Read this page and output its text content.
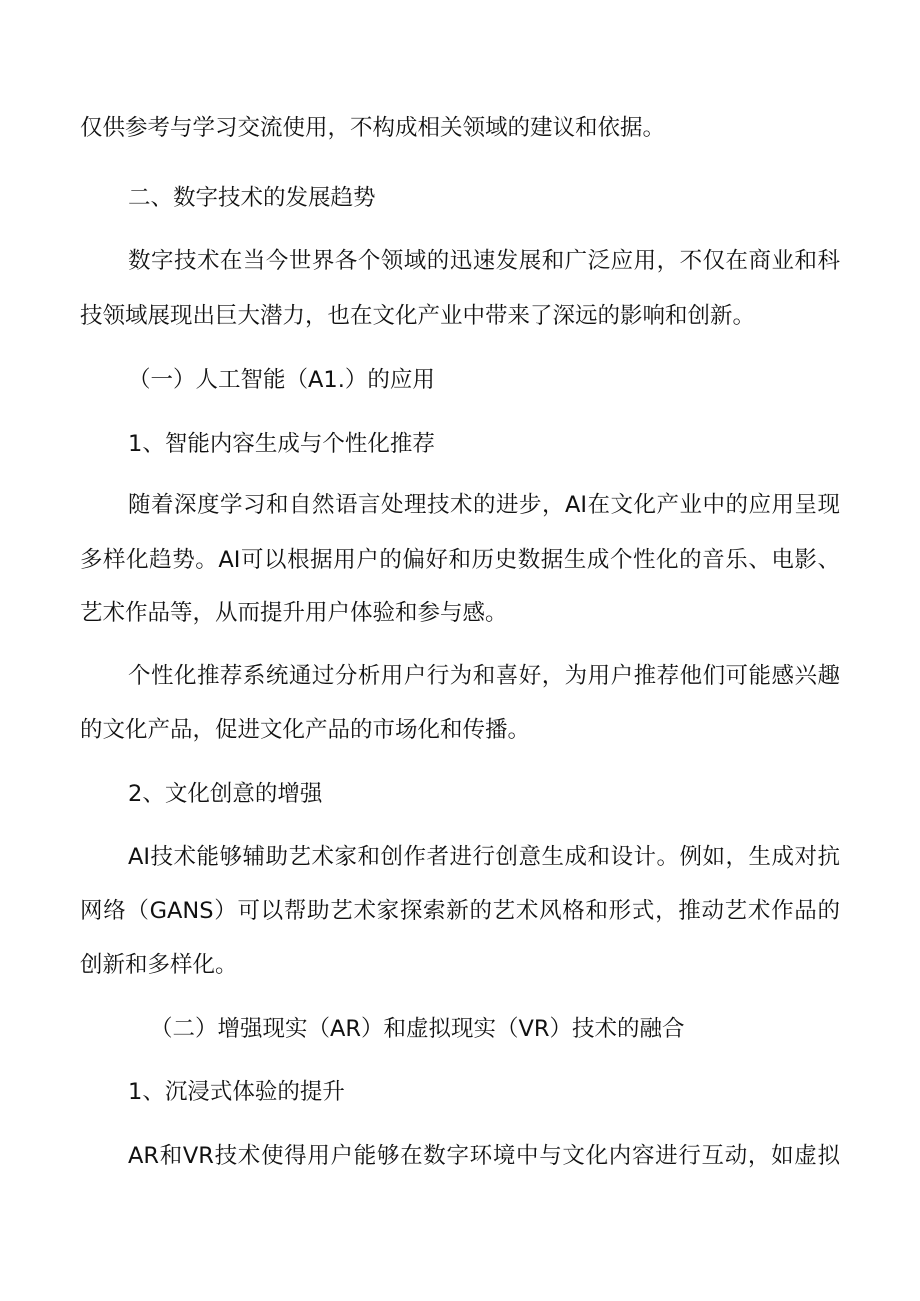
仅供参考与学习交流使用，不构成相关领域的建议和依据。
二、数字技术的发展趋势
数字技术在当今世界各个领域的迅速发展和广泛应用，不仅在商业和科
技领域展现出巨大潜力，也在文化产业中带来了深远的影响和创新。
（一）人工智能（A1.）的应用
1、智能内容生成与个性化推荐
随着深度学习和自然语言处理技术的进步，AI在文化产业中的应用呈现
多样化趋势。AI可以根据用户的偏好和历史数据生成个性化的音乐、电影、
艺术作品等，从而提升用户体验和参与感。
个性化推荐系统通过分析用户行为和喜好，为用户推荐他们可能感兴趣
的文化产品，促进文化产品的市场化和传播。
2、文化创意的增强
AI技术能够辅助艺术家和创作者进行创意生成和设计。例如，生成对抗
网络（GANS）可以帮助艺术家探索新的艺术风格和形式，推动艺术作品的
创新和多样化。
（二）增强现实（AR）和虚拟现实（VR）技术的融合
1、沉浸式体验的提升
AR和VR技术使得用户能够在数字环境中与文化内容进行互动，如虚拟
